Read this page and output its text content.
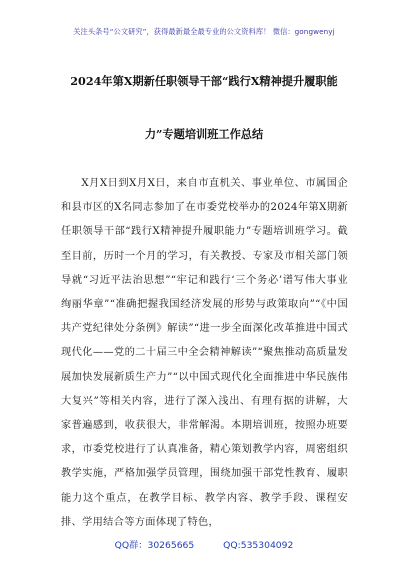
关注头条号“公文研究”，获得最新最全最专业的公文资料库！ 微信：gongwenyj
2024年第X期新任职领导干部“践行X精神提升履职能
力”专题培训班工作总结

X月X日到X月X日，来自市直机关、事业单位、市属国企和县市区的X名同志参加了在市委党校举办的2024年第X期新任职领导干部“践行X精神提升履职能力”专题培训班学习。截至目前，历时一个月的学习，有关教授、专家及市相关部门领导就“习近平法治思想”“牢记和践行‘三个务必’谱写伟大事业绚丽华章”“准确把握我国经济发展的形势与政策取向”“《中国共产党纪律处分条例》解读”“进一步全面深化改革推进中国式现代化——党的二十届三中全会精神解读”“聚焦推动高质量发展加快发展新质生产力”“以中国式现代化全面推进中华民族伟大复兴”等相关内容，进行了深入浅出、有理有据的讲解，大家普遍感到，收获很大，非常解渴。本期培训班，按照办班要求，市委党校进行了认真准备，精心策划教学内容，周密组织教学实施，严格加强学员管理，围绕加强干部党性教育、履职能力这个重点，在教学目标、教学内容、教学手段、课程安排、学用结合等方面体现了特色，

QQ群：30265665	QQ:535304092
